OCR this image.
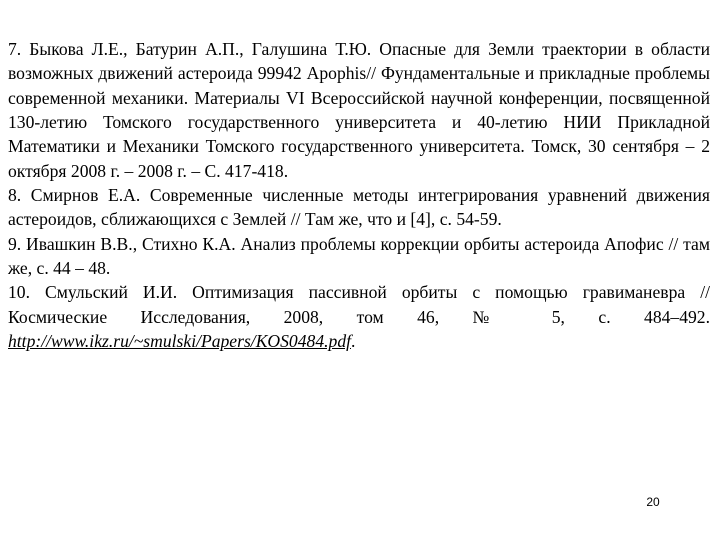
7. Быкова Л.Е., Батурин А.П., Галушина Т.Ю. Опасные для Земли траектории в области возможных движений астероида 99942 Apophis// Фундаментальные и прикладные проблемы современной механики. Материалы VI Всероссийской научной конференции, посвященной 130-летию Томского государственного университета и 40-летию НИИ Прикладной Математики и Механики Томского государственного университета. Томск, 30 сентября – 2 октября 2008 г. – 2008 г. – С. 417-418.

8. Смирнов Е.А. Современные численные методы интегрирования уравнений движения астероидов, сближающихся с Землей // Там же, что и [4], с. 54-59.

9. Ивашкин В.В., Стихно К.А. Анализ проблемы коррекции орбиты астероида Апофис // там же, с. 44 – 48.

10. Смульский И.И. Оптимизация пассивной орбиты с помощью гравиманевра // Космические Исследования, 2008, том 46, № 5, с. 484–492. http://www.ikz.ru/~smulski/Papers/KOS0484.pdf.

20
